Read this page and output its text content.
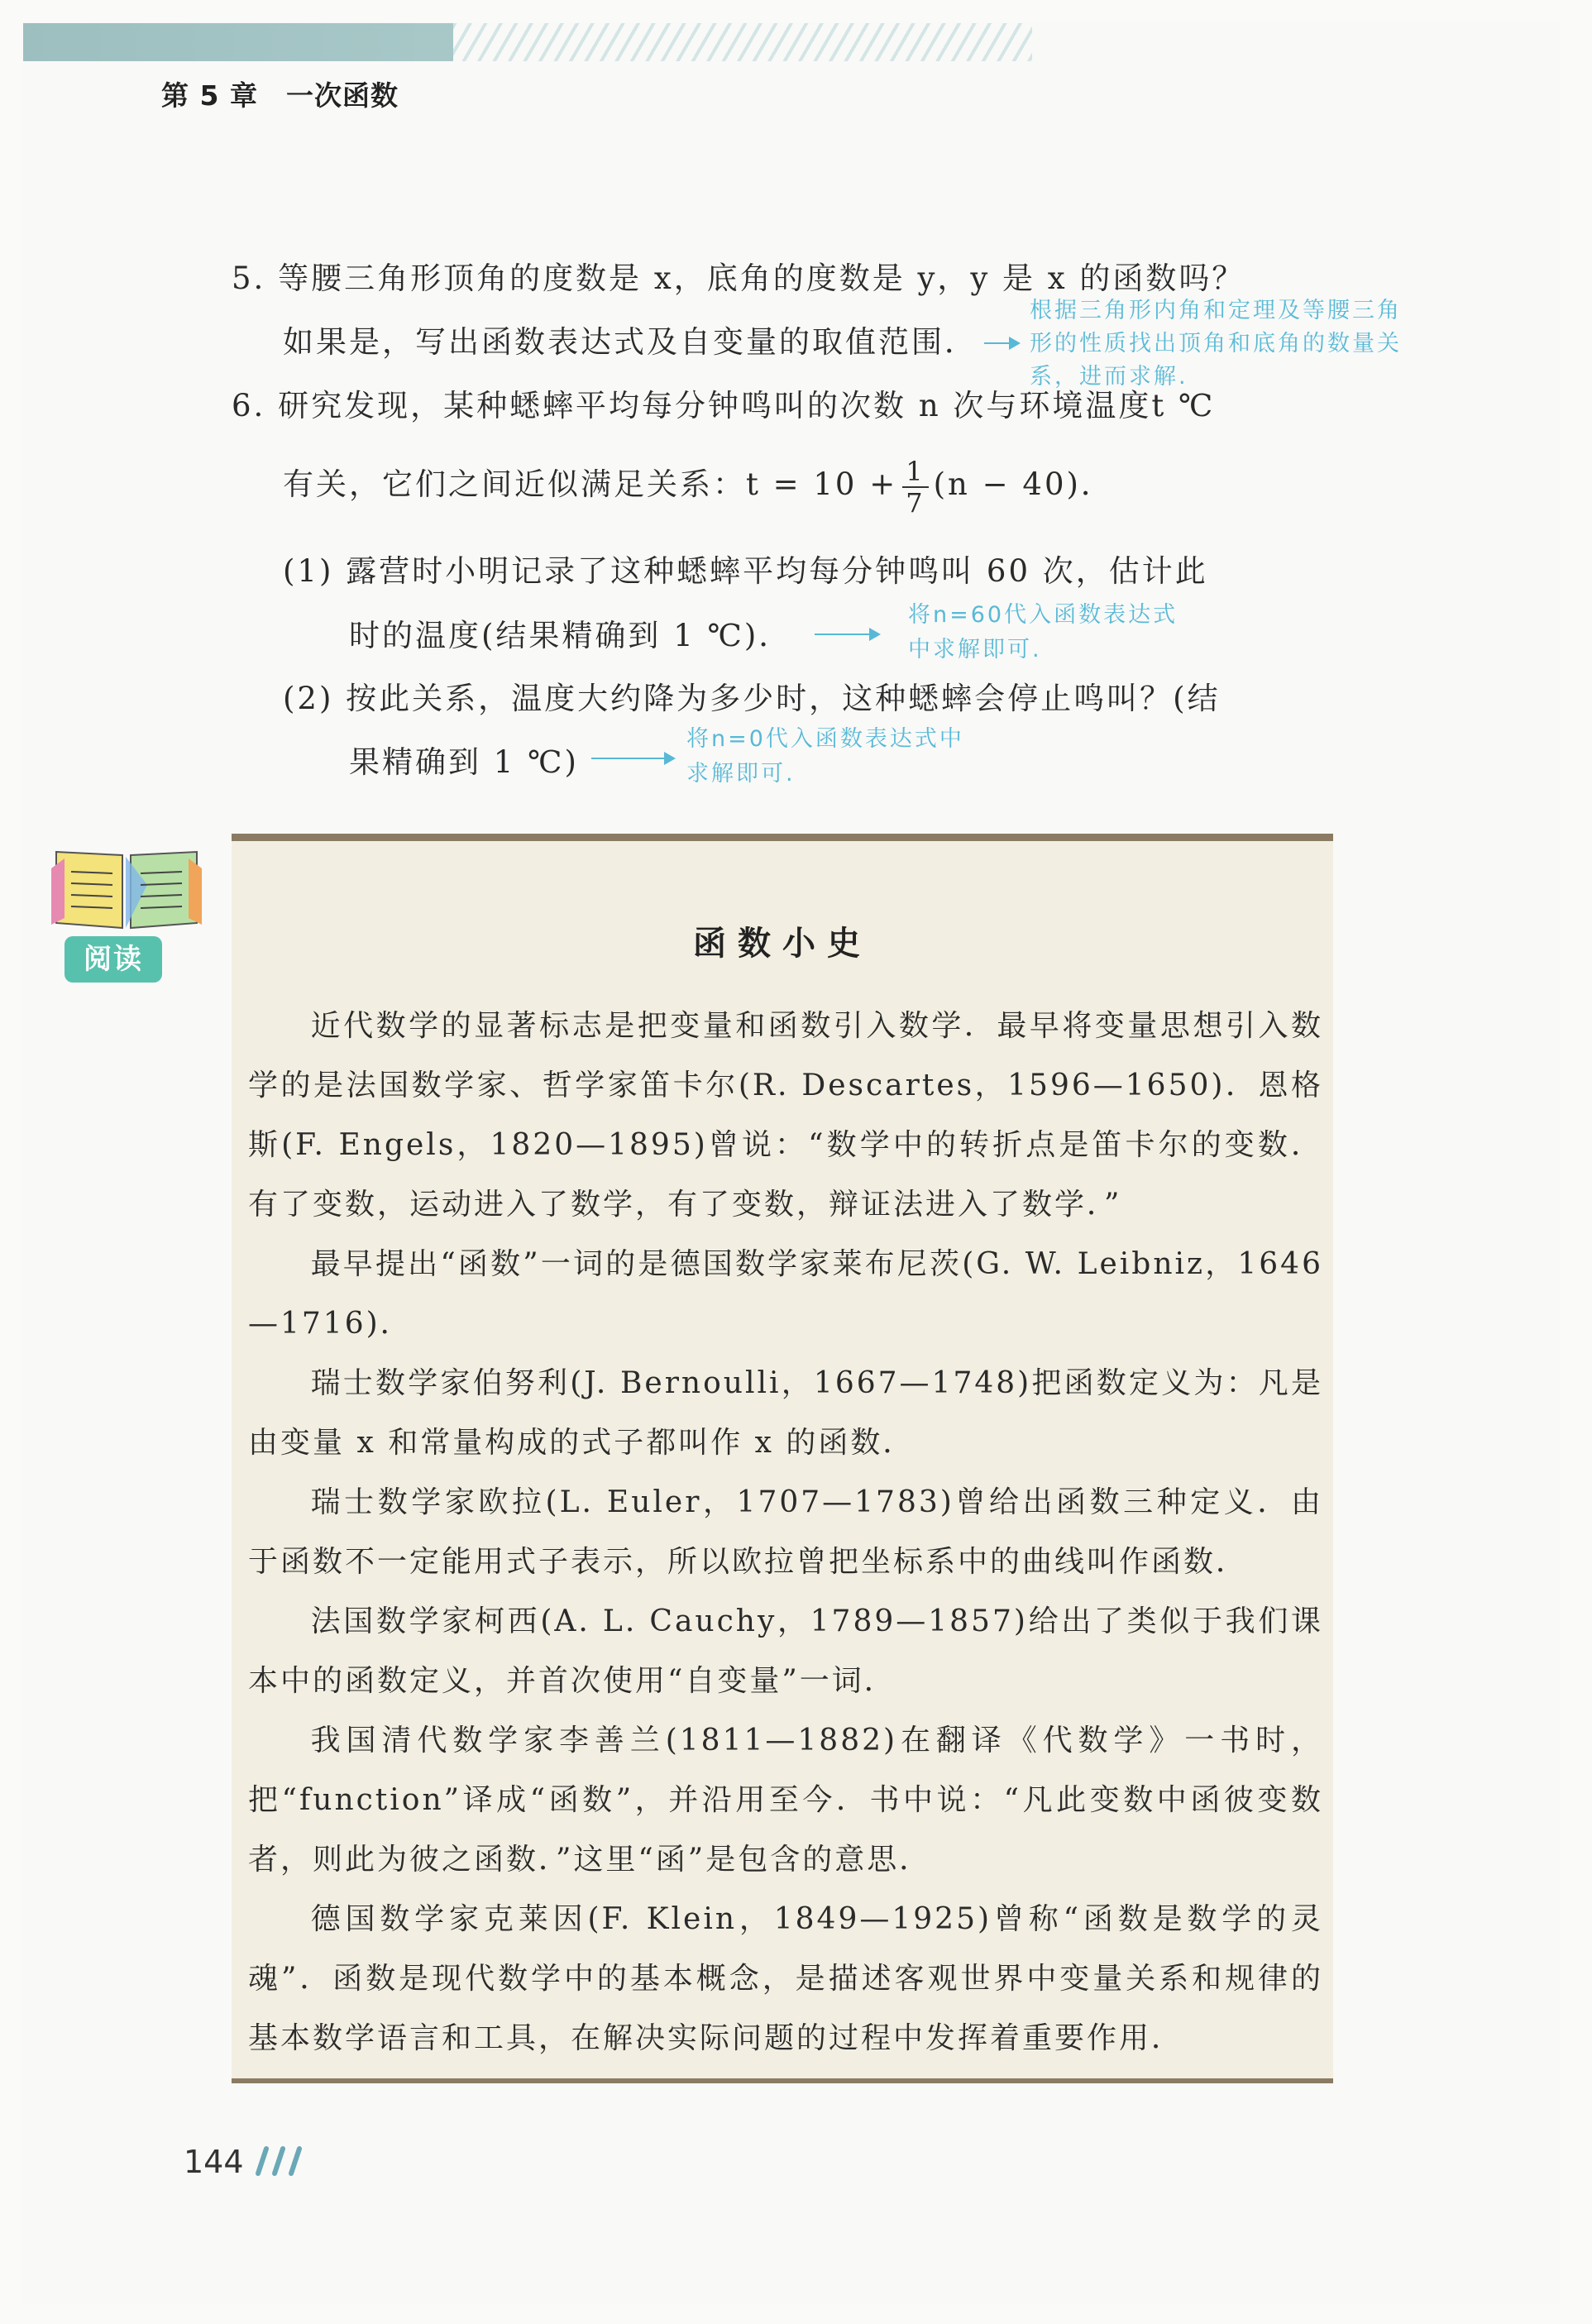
第 5 章　一次函数
5. 等腰三角形顶角的度数是 x，底角的度数是 y，y 是 x 的函数吗？
如果是，写出函数表达式及自变量的取值范围．
根据三角形内角和定理及等腰三角
形的性质找出顶角和底角的数量关
系，进而求解.
6. 研究发现，某种蟋蟀平均每分钟鸣叫的次数 n 次与环境温度t ℃
有关，它们之间近似满足关系：$t = 10 + \frac{1}{7} (n - 40)$．
(1) 露营时小明记录了这种蟋蟀平均每分钟鸣叫 60 次，估计此
时的温度(结果精确到 1 ℃)．
将n=60代入函数表达式
中求解即可.
(2) 按此关系，温度大约降为多少时，这种蟋蟀会停止鸣叫？(结
果精确到 1 ℃)
将n=0代入函数表达式中
求解即可.
阅读	函数小史

近代数学的显著标志是把变量和函数引入数学．最早将变量思想引入数学的是法国数学家、哲学家笛卡尔(R. Descartes，1596—1650)．恩格斯(F. Engels，1820—1895)曾说：“数学中的转折点是笛卡尔的变数．有了变数，运动进入了数学，有了变数，辩证法进入了数学．”

最早提出“函数”一词的是德国数学家莱布尼茨(G. W. Leibniz，1646—1716)．

瑞士数学家伯努利(J. Bernoulli，1667—1748)把函数定义为：凡是由变量 x 和常量构成的式子都叫作 x 的函数．

瑞士数学家欧拉(L. Euler，1707—1783)曾给出函数三种定义．由于函数不一定能用式子表示，所以欧拉曾把坐标系中的曲线叫作函数．

法国数学家柯西(A. L. Cauchy，1789—1857)给出了类似于我们课本中的函数定义，并首次使用“自变量”一词．

我国清代数学家李善兰(1811—1882)在翻译《代数学》一书时，把“function”译成“函数”，并沿用至今．书中说：“凡此变数中函彼变数者，则此为彼之函数．”这里“函”是包含的意思．

德国数学家克莱因(F. Klein，1849—1925)曾称“函数是数学的灵魂”．函数是现代数学中的基本概念，是描述客观世界中变量关系和规律的基本数学语言和工具，在解决实际问题的过程中发挥着重要作用．

144
